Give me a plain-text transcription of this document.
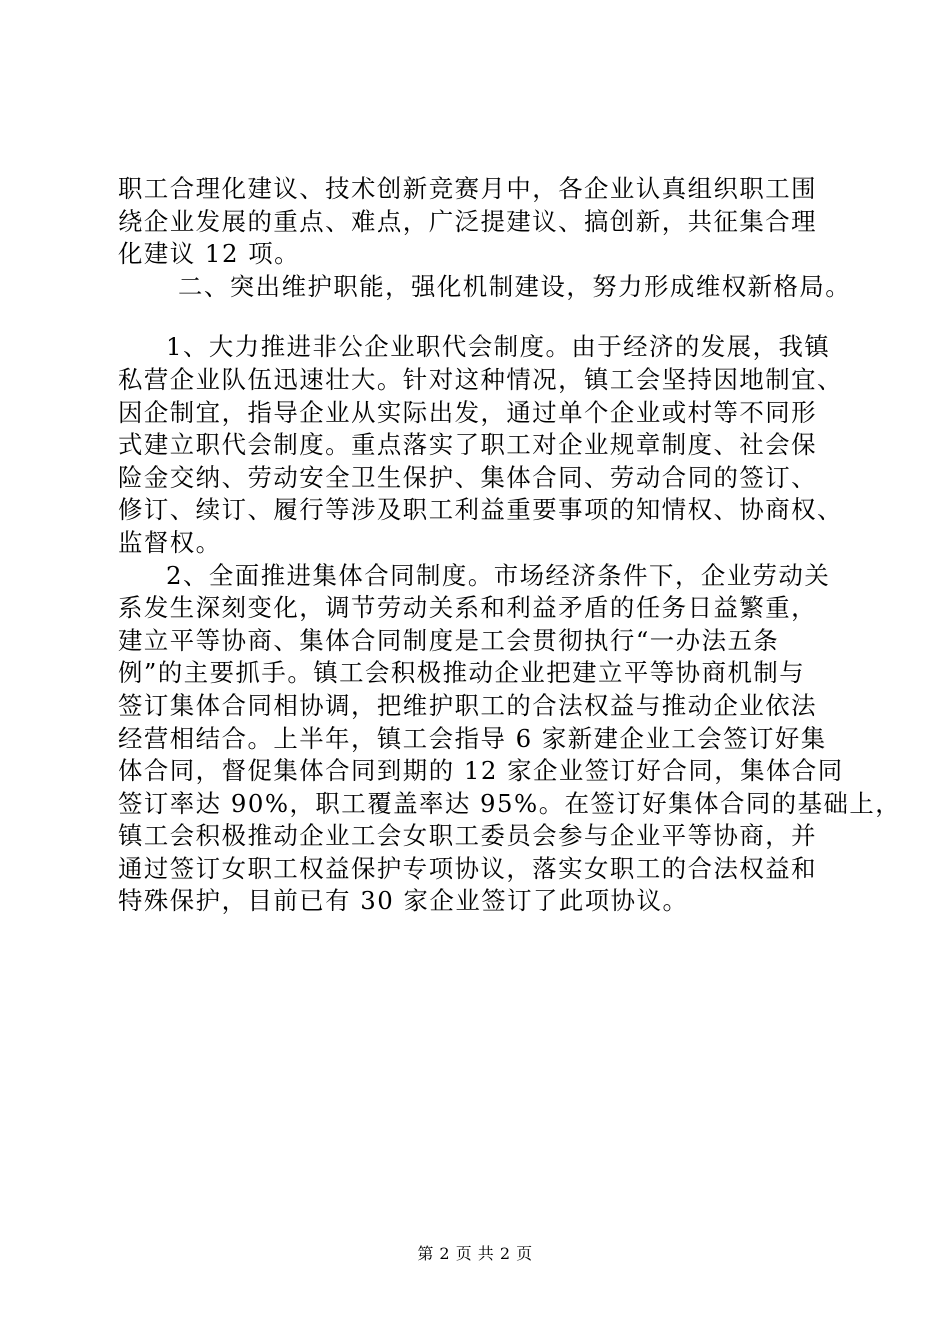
职工合理化建议、技术创新竞赛月中，各企业认真组织职工围
绕企业发展的重点、难点，广泛提建议、搞创新，共征集合理
化建议 12 项。
二、突出维护职能，强化机制建设，努力形成维权新格局。
1、大力推进非公企业职代会制度。由于经济的发展，我镇
私营企业队伍迅速壮大。针对这种情况，镇工会坚持因地制宜、
因企制宜，指导企业从实际出发，通过单个企业或村等不同形
式建立职代会制度。重点落实了职工对企业规章制度、社会保
险金交纳、劳动安全卫生保护、集体合同、劳动合同的签订、
修订、续订、履行等涉及职工利益重要事项的知情权、协商权、
监督权。
2、全面推进集体合同制度。市场经济条件下，企业劳动关
系发生深刻变化，调节劳动关系和利益矛盾的任务日益繁重，
建立平等协商、集体合同制度是工会贯彻执行“一办法五条
例”的主要抓手。镇工会积极推动企业把建立平等协商机制与
签订集体合同相协调，把维护职工的合法权益与推动企业依法
经营相结合。上半年，镇工会指导 6 家新建企业工会签订好集
体合同，督促集体合同到期的 12 家企业签订好合同，集体合同
签订率达 90%，职工覆盖率达 95%。在签订好集体合同的基础上，
镇工会积极推动企业工会女职工委员会参与企业平等协商，并
通过签订女职工权益保护专项协议，落实女职工的合法权益和
特殊保护，目前已有 30 家企业签订了此项协议。
第 2 页 共 2 页
